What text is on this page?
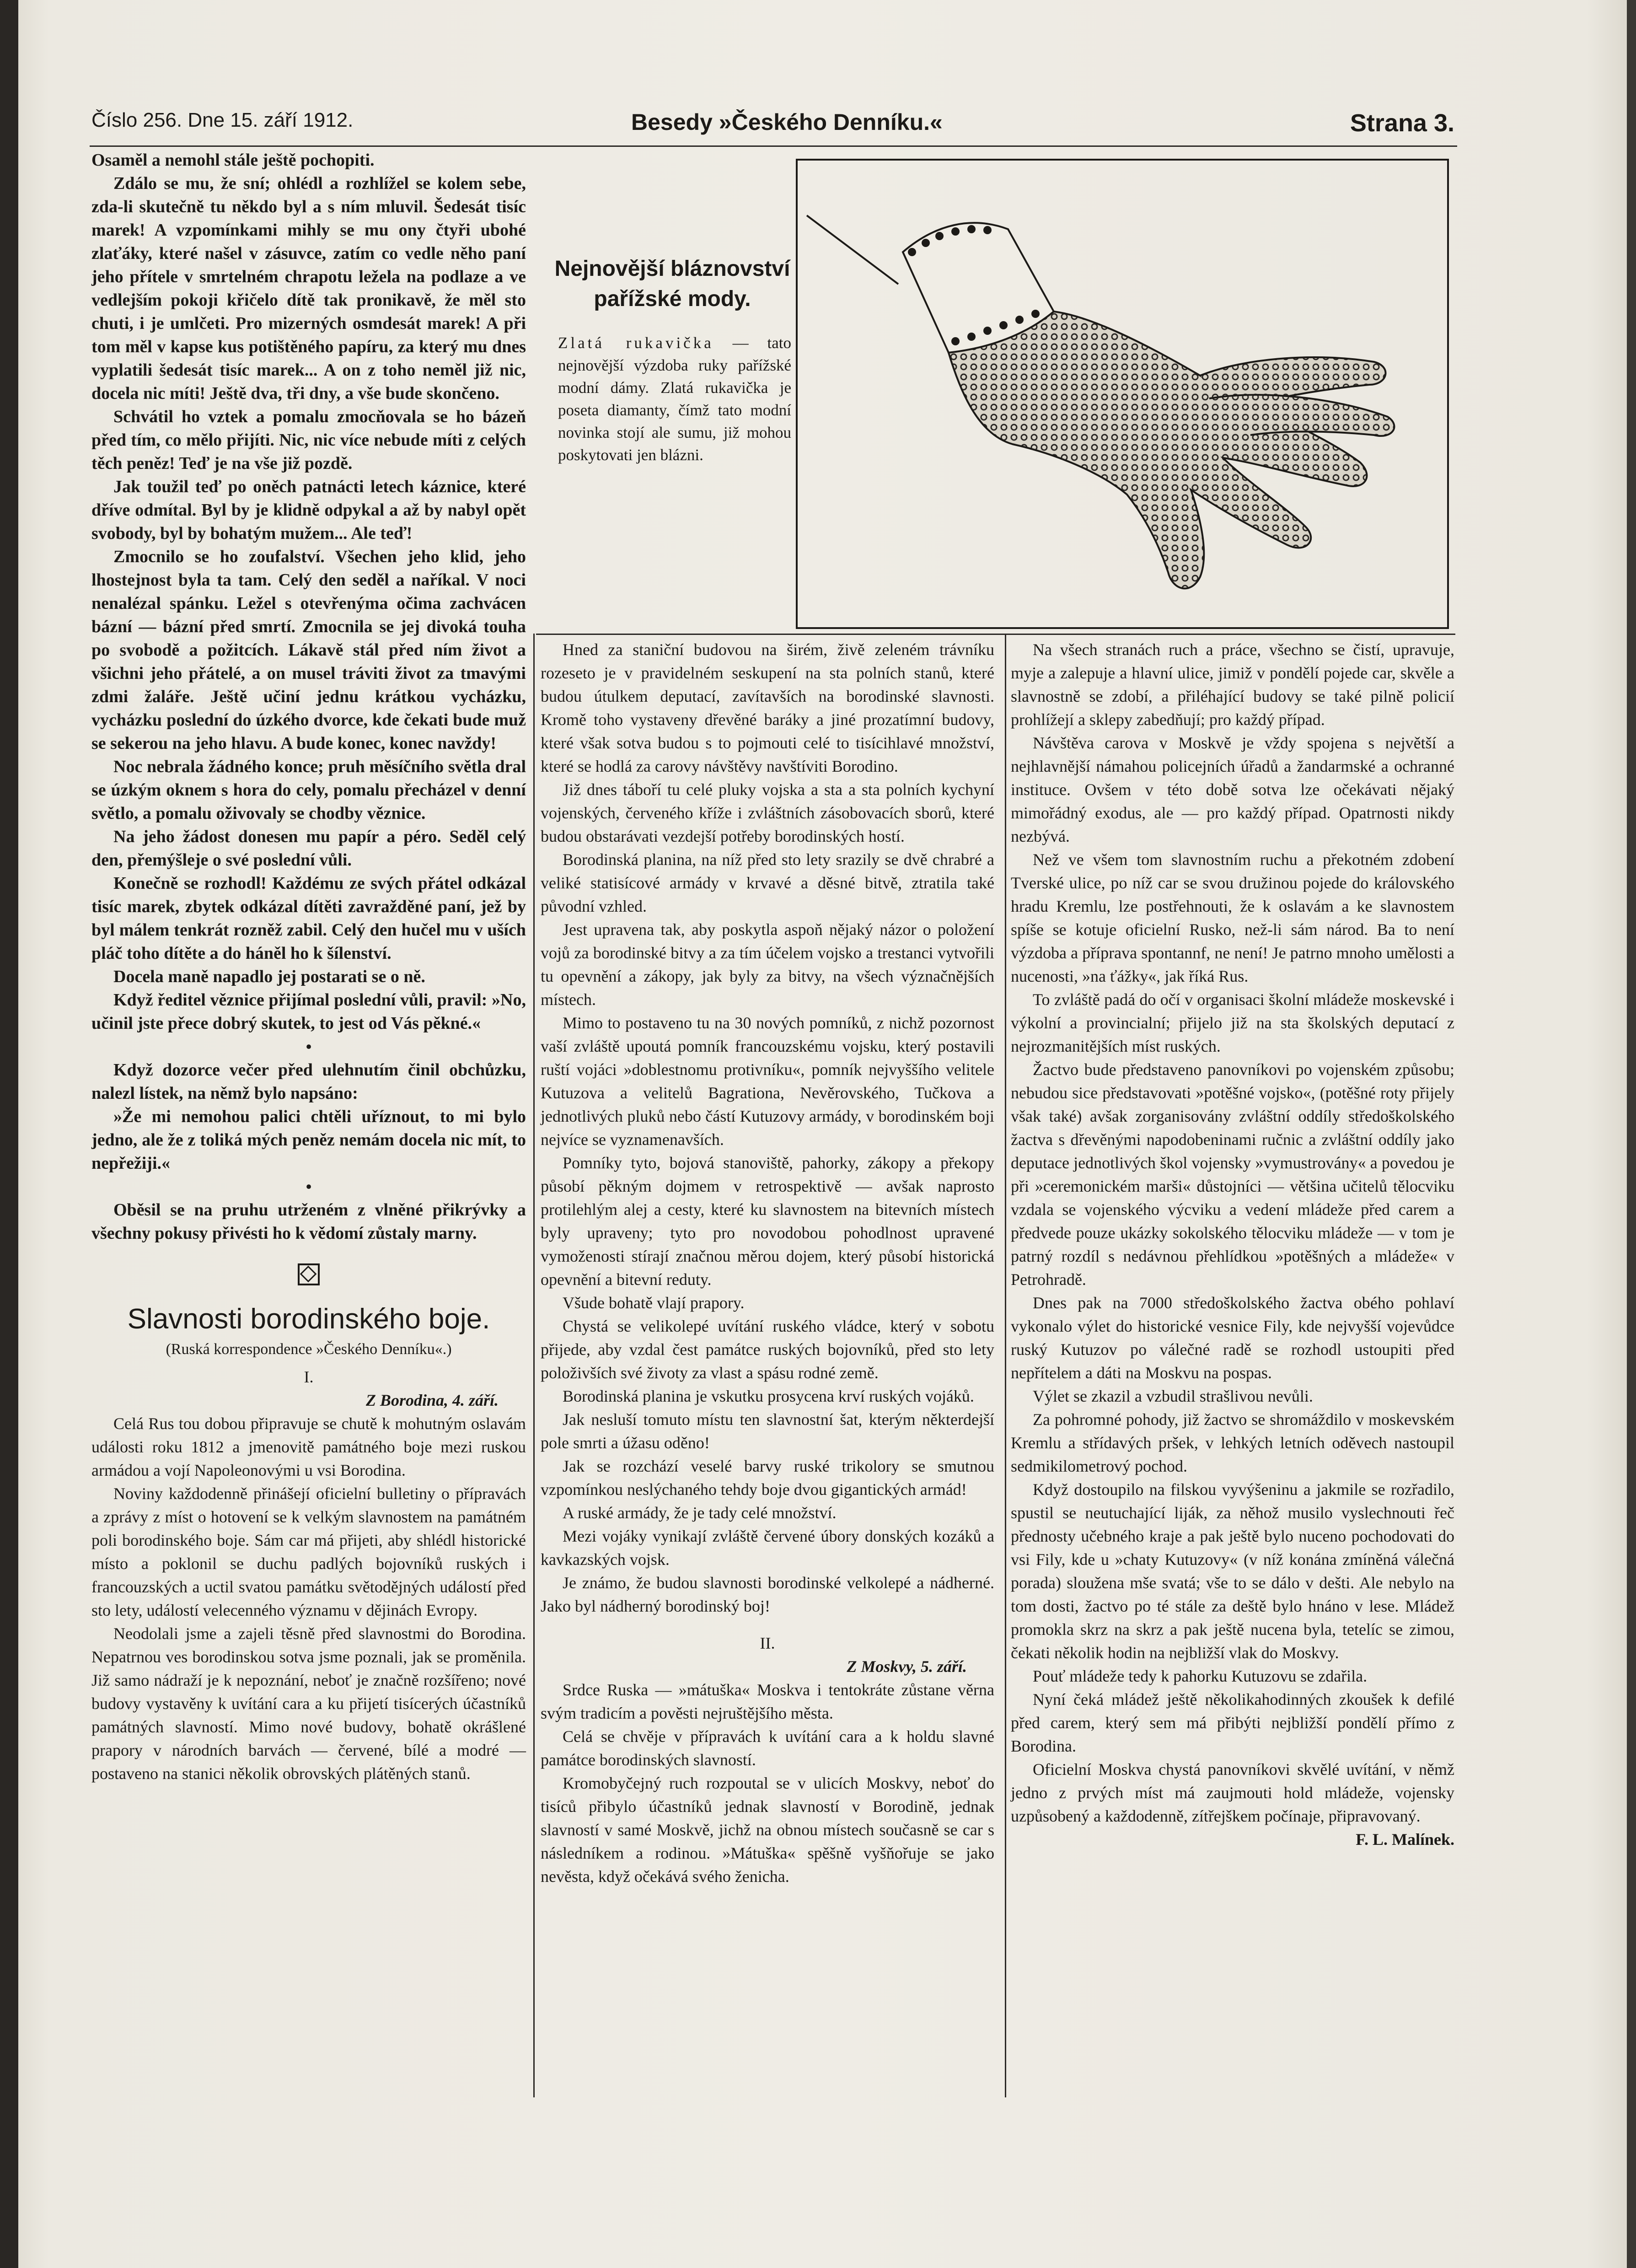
Číslo 256. Dne 15. září 1912.	Besedy »Českého Denníku.«	Strana 3.

Osaměl a nemohl stále ještě pochopiti.

Zdálo se mu, že sní; ohlédl a rozhlížel se kolem sebe, zda-li skutečně tu někdo byl a s ním mluvil. Šedesát tisíc marek! A vzpomínkami mihly se mu ony čtyři ubohé zlaťáky, které našel v zásuvce, zatím co vedle něho paní jeho přítele v smrtelném chrapotu ležela na podlaze a ve vedlejším pokoji křičelo dítě tak pronikavě, že měl sto chuti, i je umlčeti. Pro mizerných osmdesát marek! A při tom měl v kapse kus potištěného papíru, za který mu dnes vyplatili šedesát tisíc marek... A on z toho neměl již nic, docela nic míti! Ještě dva, tři dny, a vše bude skončeno.

Schvátil ho vztek a pomalu zmocňovala se ho bázeň před tím, co mělo přijíti. Nic, nic více nebude míti z celých těch peněz! Teď je na vše již pozdě.

Jak toužil teď po oněch patnácti letech káznice, které dříve odmítal. Byl by je klidně odpykal a až by nabyl opět svobody, byl by bohatým mužem... Ale teď!

Zmocnilo se ho zoufalství. Všechen jeho klid, jeho lhostejnost byla ta tam. Celý den seděl a naříkal. V noci nenalézal spánku. Ležel s otevřenýma očima zachvácen bázní — bázní před smrtí. Zmocnila se jej divoká touha po svobodě a požitcích. Lákavě stál před ním život a všichni jeho přátelé, a on musel tráviti život za tmavými zdmi žaláře. Ještě učiní jednu krátkou vycházku, vycházku poslední do úzkého dvorce, kde čekati bude muž se sekerou na jeho hlavu. A bude konec, konec navždy!

Noc nebrala žádného konce; pruh měsíčního světla dral se úzkým oknem s hora do cely, pomalu přecházel v denní světlo, a pomalu oživovaly se chodby věznice.

Na jeho žádost donesen mu papír a péro. Seděl celý den, přemýšleje o své poslední vůli.

Konečně se rozhodl! Každému ze svých přátel odkázal tisíc marek, zbytek odkázal dítěti zavražděné paní, jež by byl málem tenkrát rozněž zabil. Celý den hučel mu v uších pláč toho dítěte a do háněl ho k šílenství.

Docela maně napadlo jej postarati se o ně.

Když ředitel věznice přijímal poslední vůli, pravil: »No, učinil jste přece dobrý skutek, to jest od Vás pěkné.«

•

Když dozorce večer před ulehnutím činil obchůzku, nalezl lístek, na němž bylo napsáno:

»Že mi nemohou palici chtěli uříznout, to mi bylo jedno, ale že z toliká mých peněz nemám docela nic mít, to nepřežiji.«

•

Oběsil se na pruhu utrženém z vlněné přikrývky a všechny pokusy přivésti ho k vědomí zůstaly marny.

Slavnosti borodinského boje.
(Ruská korrespondence »Českého Denníku«.)
I.
Z Borodina, 4. září.

Celá Rus tou dobou připravuje se chutě k mohutným oslavám události roku 1812 a jmenovitě památného boje mezi ruskou armádou a vojí Napoleonovými u vsi Borodina.

Noviny každodenně přinášejí oficielní bulletiny o přípravách a zprávy z míst o hotovení se k velkým slavnostem na památném poli borodinského boje. Sám car má přijeti, aby shlédl historické místo a poklonil se duchu padlých bojovníků ruských i francouzských a uctil svatou památku světodějných událostí před sto lety, událostí velecenného významu v dějinách Evropy.

Neodolali jsme a zajeli těsně před slavnostmi do Borodina. Nepatrnou ves borodinskou sotva jsme poznali, jak se proměnila. Již samo nádraží je k nepoznání, neboť je značně rozšířeno; nové budovy vystavěny k uvítání cara a ku přijetí tisícerých účastníků památných slavností. Mimo nové budovy, bohatě okrášlené prapory v národních barvách — červené, bílé a modré — postaveno na stanici několik obrovských plátěných stanů.

Nejnovější bláznovství pařížské mody.
Zlatá rukavička — tato nejnovější výzdoba ruky pařížské modní dámy. Zlatá rukavička je poseta diamanty, čímž tato modní novinka stojí ale sumu, již mohou poskytovati jen blázni.

Hned za staniční budovou na širém, živě zeleném trávníku rozeseto je v pravidelném seskupení na sta polních stanů, které budou útulkem deputací, zavítavších na borodinské slavnosti. Kromě toho vystaveny dřevěné baráky a jiné prozatímní budovy, které však sotva budou s to pojmouti celé to tisícihlavé množství, které se hodlá za carovy návštěvy navštíviti Borodino.

Již dnes táboří tu celé pluky vojska a sta a sta polních kychyní vojenských, červeného kříže i zvláštních zásobovacích sborů, které budou obstarávati vezdejší potřeby borodinských hostí.

Borodinská planina, na níž před sto lety srazily se dvě chrabré a veliké statisícové armády v krvavé a děsné bitvě, ztratila také původní vzhled.

Jest upravena tak, aby poskytla aspoň nějaký názor o položení vojů za borodinské bitvy a za tím účelem vojsko a trestanci vytvořili tu opevnění a zákopy, jak byly za bitvy, na všech význačnějších místech.

Mimo to postaveno tu na 30 nových pomníků, z nichž pozornost vaší zvláště upoutá pomník francouzskému vojsku, který postavili ruští vojáci »doblestnomu protivníku«, pomník nejvyššího velitele Kutuzova a velitelů Bagrationa, Nevěrovského, Tučkova a jednotlivých pluků nebo částí Kutuzovy armády, v borodinském boji nejvíce se vyznamenavších.

Pomníky tyto, bojová stanoviště, pahorky, zákopy a překopy působí pěkným dojmem v retrospektivě — avšak naprosto protilehlým alej a cesty, které ku slavnostem na bitevních místech byly upraveny; tyto pro novodobou pohodlnost upravené vymoženosti stírají značnou měrou dojem, který působí historická opevnění a bitevní reduty.

Všude bohatě vlají prapory.

Chystá se velikolepé uvítání ruského vládce, který v sobotu přijede, aby vzdal čest památce ruských bojovníků, před sto lety položivších své životy za vlast a spásu rodné země.

Borodinská planina je vskutku prosycena krví ruských vojáků.

Jak nesluší tomuto místu ten slavnostní šat, kterým některdejší pole smrti a úžasu oděno!

Jak se rozchází veselé barvy ruské trikolory se smutnou vzpomínkou neslýchaného tehdy boje dvou gigantických armád!

A ruské armády, že je tady celé množství.

Mezi vojáky vynikají zvláště červené úbory donských kozáků a kavkazských vojsk.

Je známo, že budou slavnosti borodinské velkolepé a nádherné. Jako byl nádherný borodinský boj!

II.
Z Moskvy, 5. září.

Srdce Ruska — »mátuška« Moskva i tentokráte zůstane věrna svým tradicím a pověsti nejruštějšího města.

Celá se chvěje v přípravách k uvítání cara a k holdu slavné památce borodinských slavností.

Kromobyčejný ruch rozpoutal se v ulicích Moskvy, neboť do tisíců přibylo účastníků jednak slavností v Borodině, jednak slavností v samé Moskvě, jichž na obnou místech současně se car s následníkem a rodinou. »Mátuška« spěšně vyšňořuje se jako nevěsta, když očekává svého ženicha.

Na všech stranách ruch a práce, všechno se čistí, upravuje, myje a zalepuje a hlavní ulice, jimiž v pondělí pojede car, skvěle a slavnostně se zdobí, a přiléhající budovy se také pilně policií prohlížejí a sklepy zabedňují; pro každý případ.

Návštěva carova v Moskvě je vždy spojena s největší a nejhlavnější námahou policejních úřadů a žandarmské a ochranné instituce. Ovšem v této době sotva lze očekávati nějaký mimořádný exodus, ale — pro každý případ. Opatrnosti nikdy nezbývá.

Než ve všem tom slavnostním ruchu a překotném zdobení Tverské ulice, po níž car se svou družinou pojede do královského hradu Kremlu, lze postřehnouti, že k oslavám a ke slavnostem spíše se kotuje oficielní Rusko, než-li sám národ. Ba to není výzdoba a příprava spontannf, ne není! Je patrno mnoho umělosti a nucenosti, »na ťážky«, jak říká Rus.

To zvláště padá do očí v organisaci školní mládeže moskevské i výkolní a provincialní; přijelo již na sta školských deputací z nejrozmanitějších míst ruských.

Žactvo bude představeno panovníkovi po vojenském způsobu; nebudou sice představovati »potěšné vojsko«, (potěšné roty přijely však také) avšak zorganisovány zvláštní oddíly středoškolského žactva s dřevěnými napodobeninami ručnic a zvláštní oddíly jako deputace jednotlivých škol vojensky »vymustrovány« a povedou je při »ceremonickém marši« důstojníci — většina učitelů tělocviku vzdala se vojenského výcviku a vedení mládeže před carem a předvede pouze ukázky sokolského tělocviku mládeže — v tom je patrný rozdíl s nedávnou přehlídkou »potěšných a mládeže« v Petrohradě.

Dnes pak na 7000 středoškolského žactva obého pohlaví vykonalo výlet do historické vesnice Fily, kde nejvyšší vojevůdce ruský Kutuzov po válečné radě se rozhodl ustoupiti před nepřítelem a dáti na Moskvu na pospas.

Výlet se zkazil a vzbudil strašlivou nevůli.

Za pohromné pohody, již žactvo se shromáždilo v moskevském Kremlu a střídavých pršek, v lehkých letních oděvech nastoupil sedmikilometrový pochod.

Když dostoupilo na filskou vyvýšeninu a jakmile se rozřadilo, spustil se neutuchající liják, za něhož musilo vyslechnouti řeč přednosty učebného kraje a pak ještě bylo nuceno pochodovati do vsi Fily, kde u »chaty Kutuzovy« (v níž konána zmíněná válečná porada) sloužena mše svatá; vše to se dálo v dešti. Ale nebylo na tom dosti, žactvo po té stále za deště bylo hnáno v lese. Mládež promokla skrz na skrz a pak ještě nucena byla, tetelíc se zimou, čekati několik hodin na nejbližší vlak do Moskvy.

Pouť mládeže tedy k pahorku Kutuzovu se zdařila.

Nyní čeká mládež ještě několikahodinných zkoušek k defilé před carem, který sem má přibýti nejbližší pondělí přímo z Borodina.

Oficielní Moskva chystá panovníkovi skvělé uvítání, v němž jedno z prvých míst má zaujmouti hold mládeže, vojensky uzpůsobený a každodenně, zítřejškem počínaje, připravovaný.

F. L. Malínek.
